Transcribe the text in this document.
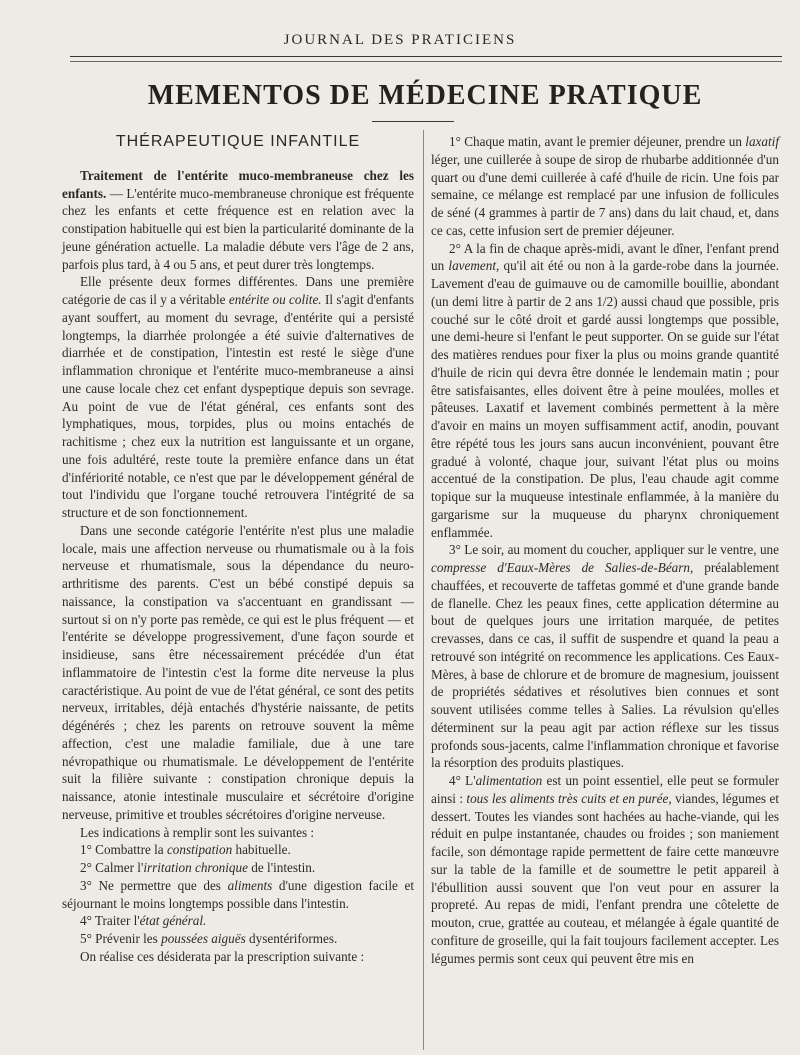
JOURNAL DES PRATICIENS
MEMENTOS DE MÉDECINE PRATIQUE
THÉRAPEUTIQUE INFANTILE

Traitement de l'entérite muco-membraneuse chez les enfants. — L'entérite muco-membraneuse chronique est fréquente chez les enfants et cette fréquence est en relation avec la constipation habituelle qui est bien la particularité dominante de la jeune génération actuelle. La maladie débute vers l'âge de 2 ans, parfois plus tard, à 4 ou 5 ans, et peut durer très longtemps.

Elle présente deux formes différentes. Dans une première catégorie de cas il y a véritable entérite ou colite. Il s'agit d'enfants ayant souffert, au moment du sevrage, d'entérite qui a persisté longtemps, la diarrhée prolongée a été suivie d'alternatives de diarrhée et de constipation, l'intestin est resté le siège d'une inflammation chronique et l'entérite muco-membraneuse a ainsi une cause locale chez cet enfant dyspeptique depuis son sevrage. Au point de vue de l'état général, ces enfants sont des lymphatiques, mous, torpides, plus ou moins entachés de rachitisme ; chez eux la nutrition est languissante et un organe, une fois adultéré, reste toute la première enfance dans un état d'infériorité notable, ce n'est que par le développement général de tout l'individu que l'organe touché retrouvera l'intégrité de sa structure et de son fonctionnement.

Dans une seconde catégorie l'entérite n'est plus une maladie locale, mais une affection nerveuse ou rhumatismale ou à la fois nerveuse et rhumatismale, sous la dépendance du neuro-arthritisme des parents. C'est un bébé constipé depuis sa naissance, la constipation va s'accentuant en grandissant — surtout si on n'y porte pas remède, ce qui est le plus fréquent — et l'entérite se développe progressivement, d'une façon sourde et insidieuse, sans être nécessairement précédée d'un état inflammatoire de l'intestin c'est la forme dite nerveuse la plus caractéristique. Au point de vue de l'état général, ce sont des petits nerveux, irritables, déjà entachés d'hystérie naissante, de petits dégénérés ; chez les parents on retrouve souvent la même affection, c'est une maladie familiale, due à une tare névropathique ou rhumatismale. Le développement de l'entérite suit la filière suivante : constipation chronique depuis la naissance, atonie intestinale musculaire et sécrétoire d'origine nerveuse, primitive et troubles sécrétoires d'origine nerveuse.

Les indications à remplir sont les suivantes :

1° Combattre la constipation habituelle.

2° Calmer l'irritation chronique de l'intestin.

3° Ne permettre que des aliments d'une digestion facile et séjournant le moins longtemps possible dans l'intestin.

4° Traiter l'état général.

5° Prévenir les poussées aiguës dysentériformes.

On réalise ces désiderata par la prescription suivante :

1° Chaque matin, avant le premier déjeuner, prendre un laxatif léger, une cuillerée à soupe de sirop de rhubarbe additionnée d'un quart ou d'une demi cuillerée à café d'huile de ricin. Une fois par semaine, ce mélange est remplacé par une infusion de follicules de séné (4 grammes à partir de 7 ans) dans du lait chaud, et, dans ce cas, cette infusion sert de premier déjeuner.

2° A la fin de chaque après-midi, avant le dîner, l'enfant prend un lavement, qu'il ait été ou non à la garde-robe dans la journée. Lavement d'eau de guimauve ou de camomille bouillie, abondant (un demi litre à partir de 2 ans 1/2) aussi chaud que possible, pris couché sur le côté droit et gardé aussi longtemps que possible, une demi-heure si l'enfant le peut supporter. On se guide sur l'état des matières rendues pour fixer la plus ou moins grande quantité d'huile de ricin qui devra être donnée le lendemain matin ; pour être satisfaisantes, elles doivent être à peine moulées, molles et pâteuses. Laxatif et lavement combinés permettent à la mère d'avoir en mains un moyen suffisamment actif, anodin, pouvant être répété tous les jours sans aucun inconvénient, pouvant être gradué à volonté, chaque jour, suivant l'état plus ou moins accentué de la constipation. De plus, l'eau chaude agit comme topique sur la muqueuse intestinale enflammée, à la manière du gargarisme sur la muqueuse du pharynx chroniquement enflammée.

3° Le soir, au moment du coucher, appliquer sur le ventre, une compresse d'Eaux-Mères de Salies-de-Béarn, préalablement chauffées, et recouverte de taffetas gommé et d'une grande bande de flanelle. Chez les peaux fines, cette application détermine au bout de quelques jours une irritation marquée, de petites crevasses, dans ce cas, il suffit de suspendre et quand la peau a retrouvé son intégrité on recommence les applications. Ces Eaux-Mères, à base de chlorure et de bromure de magnesium, jouissent de propriétés sédatives et résolutives bien connues et sont souvent utilisées comme telles à Salies. La révulsion qu'elles déterminent sur la peau agit par action réflexe sur les tissus profonds sous-jacents, calme l'inflammation chronique et favorise la résorption des produits plastiques.

4° L'alimentation est un point essentiel, elle peut se formuler ainsi : tous les aliments très cuits et en purée, viandes, légumes et dessert. Toutes les viandes sont hachées au hache-viande, qui les réduit en pulpe instantanée, chaudes ou froides ; son maniement facile, son démontage rapide permettent de faire cette manœuvre sur la table de la famille et de soumettre le petit appareil à l'ébullition aussi souvent que l'on veut pour en assurer la propreté. Au repas de midi, l'enfant prendra une côtelette de mouton, crue, grattée au couteau, et mélangée à égale quantité de confiture de groseille, qui la fait toujours facilement accepter. Les légumes permis sont ceux qui peuvent être mis en
